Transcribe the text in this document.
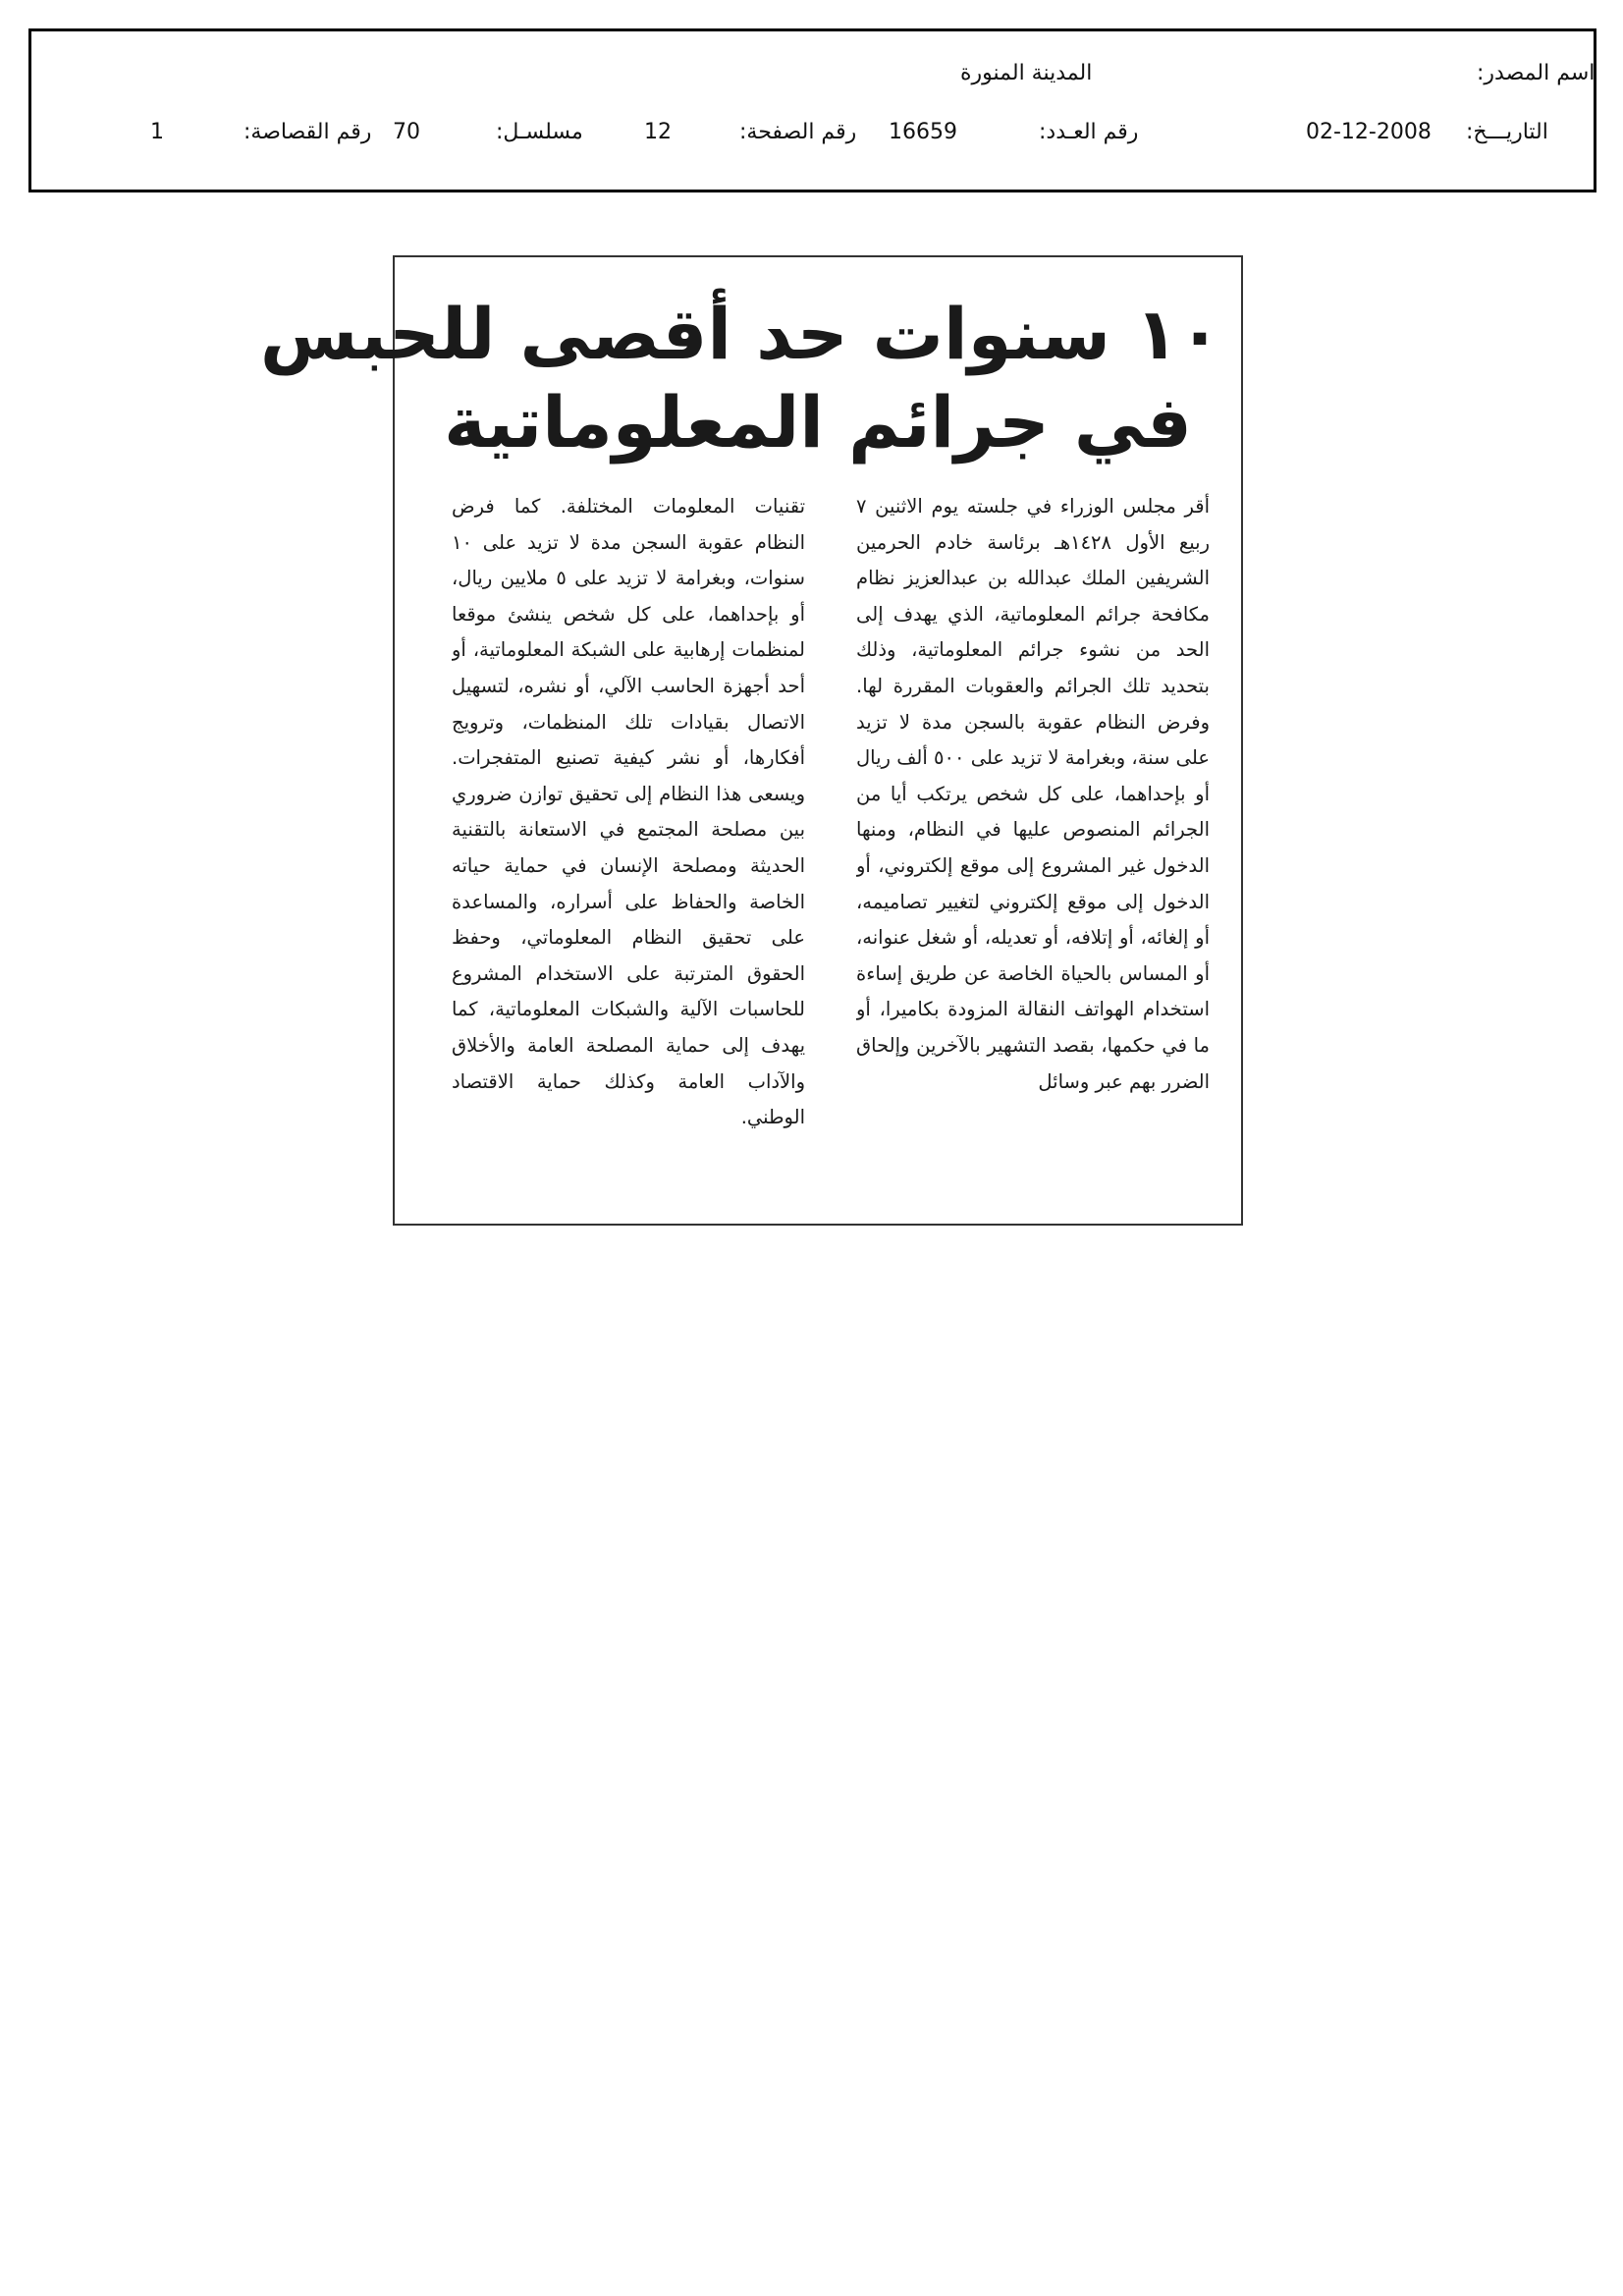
اسم المصدر:
المدينة المنورة
التاريـــخ:
02-12-2008
رقم العـدد:
16659
رقم الصفحة:
12
مسلسـل:
70
رقم القصاصة:
1
١٠ سنوات حد أقصى للحبس
في جرائم المعلوماتية

أقر مجلس الوزراء في جلسته يوم الاثنين ٧ ربيع الأول ١٤٢٨هـ برئاسة خادم الحرمين الشريفين الملك عبدالله بن عبدالعزيز نظام مكافحة جرائم المعلوماتية، الذي يهدف إلى الحد من نشوء جرائم المعلوماتية، وذلك بتحديد تلك الجرائم والعقوبات المقررة لها. وفرض النظام عقوبة بالسجن مدة لا تزيد على سنة، وبغرامة لا تزيد على ٥٠٠ ألف ريال أو بإحداهما، على كل شخص يرتكب أيا من الجرائم المنصوص عليها في النظام، ومنها الدخول غير المشروع إلى موقع إلكتروني، أو الدخول إلى موقع إلكتروني لتغيير تصاميمه، أو إلغائه، أو إتلافه، أو تعديله، أو شغل عنوانه، أو المساس بالحياة الخاصة عن طريق إساءة استخدام الهواتف النقالة المزودة بكاميرا، أو ما في حكمها، بقصد التشهير بالآخرين وإلحاق الضرر بهم عبر وسائل

تقنيات المعلومات المختلفة. كما فرض النظام عقوبة السجن مدة لا تزيد على ١٠ سنوات، وبغرامة لا تزيد على ٥ ملايين ريال، أو بإحداهما، على كل شخص ينشئ موقعا لمنظمات إرهابية على الشبكة المعلوماتية، أو أحد أجهزة الحاسب الآلي، أو نشره، لتسهيل الاتصال بقيادات تلك المنظمات، وترويج أفكارها، أو نشر كيفية تصنيع المتفجرات. ويسعى هذا النظام إلى تحقيق توازن ضروري بين مصلحة المجتمع في الاستعانة بالتقنية الحديثة ومصلحة الإنسان في حماية حياته الخاصة والحفاظ على أسراره، والمساعدة على تحقيق النظام المعلوماتي، وحفظ الحقوق المترتبة على الاستخدام المشروع للحاسبات الآلية والشبكات المعلوماتية، كما يهدف إلى حماية المصلحة العامة والأخلاق والآداب العامة وكذلك حماية الاقتصاد الوطني.
